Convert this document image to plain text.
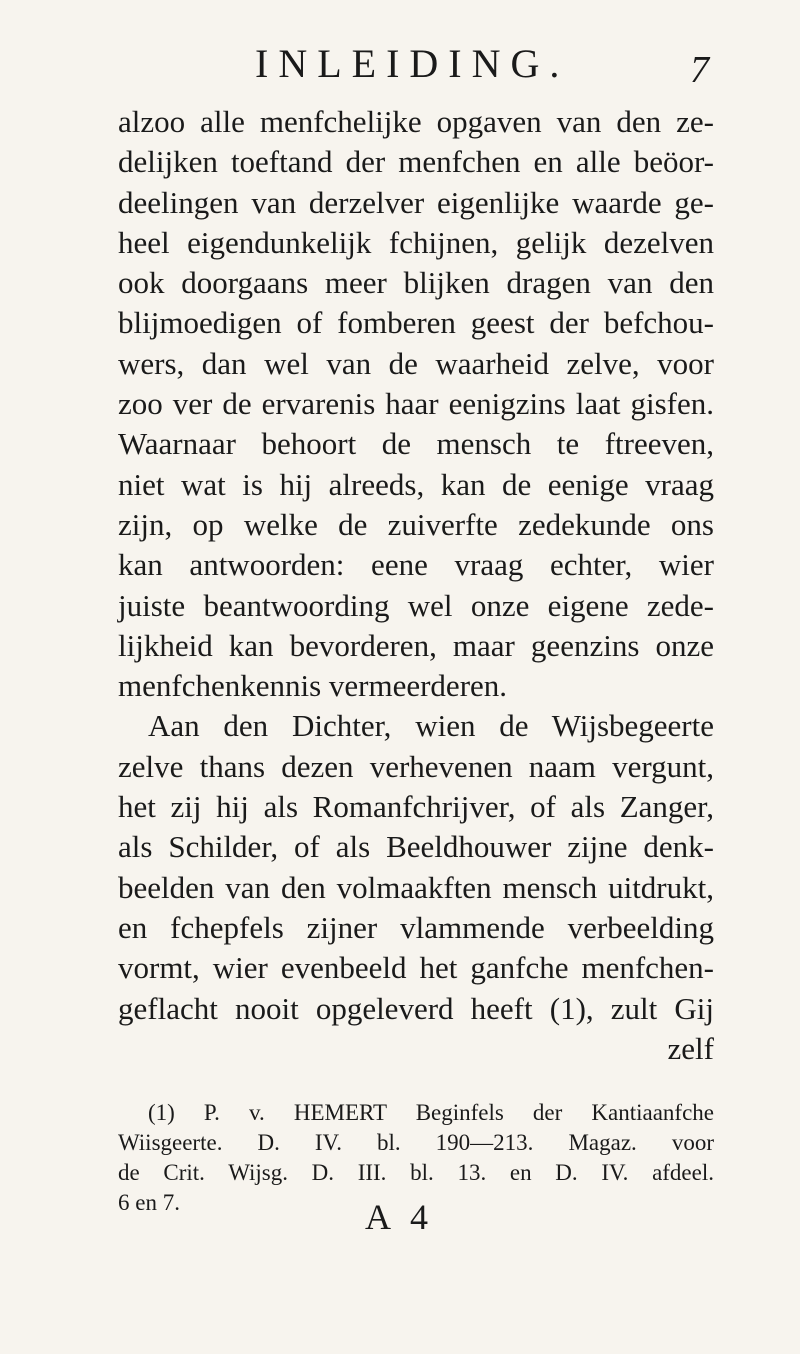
INLEIDING.	7
alzoo alle menfchelijke opgaven van den ze-
delijken toeftand der menfchen en alle beöor-
deelingen van derzelver eigenlijke waarde ge-
heel eigendunkelijk fchijnen, gelijk dezelven
ook doorgaans meer blijken dragen van den
blijmoedigen of fomberen geest der befchou-
wers, dan wel van de waarheid zelve, voor
zoo ver de ervarenis haar eenigzins laat gisfen.
Waarnaar behoort de mensch te ftreeven,
niet wat is hij alreeds, kan de eenige vraag
zijn, op welke de zuiverfte zedekunde ons
kan antwoorden: eene vraag echter, wier
juiste beantwoording wel onze eigene zede-
lijkheid kan bevorderen, maar geenzins onze
menfchenkennis vermeerderen.
Aan den Dichter, wien de Wijsbegeerte
zelve thans dezen verhevenen naam vergunt,
het zij hij als Romanfchrijver, of als Zanger,
als Schilder, of als Beeldhouwer zijne denk-
beelden van den volmaakften mensch uitdrukt,
en fchepfels zijner vlammende verbeelding
vormt, wier evenbeeld het ganfche menfchen-
geflacht nooit opgeleverd heeft (1), zult Gij
zelf
(1) P. v. HEMERT Beginfels der Kantiaanfche
Wiisgeerte. D. IV. bl. 190—213. Magaz. voor
de Crit. Wijsg. D. III. bl. 13. en D. IV. afdeel.
6 en 7.	A 4
